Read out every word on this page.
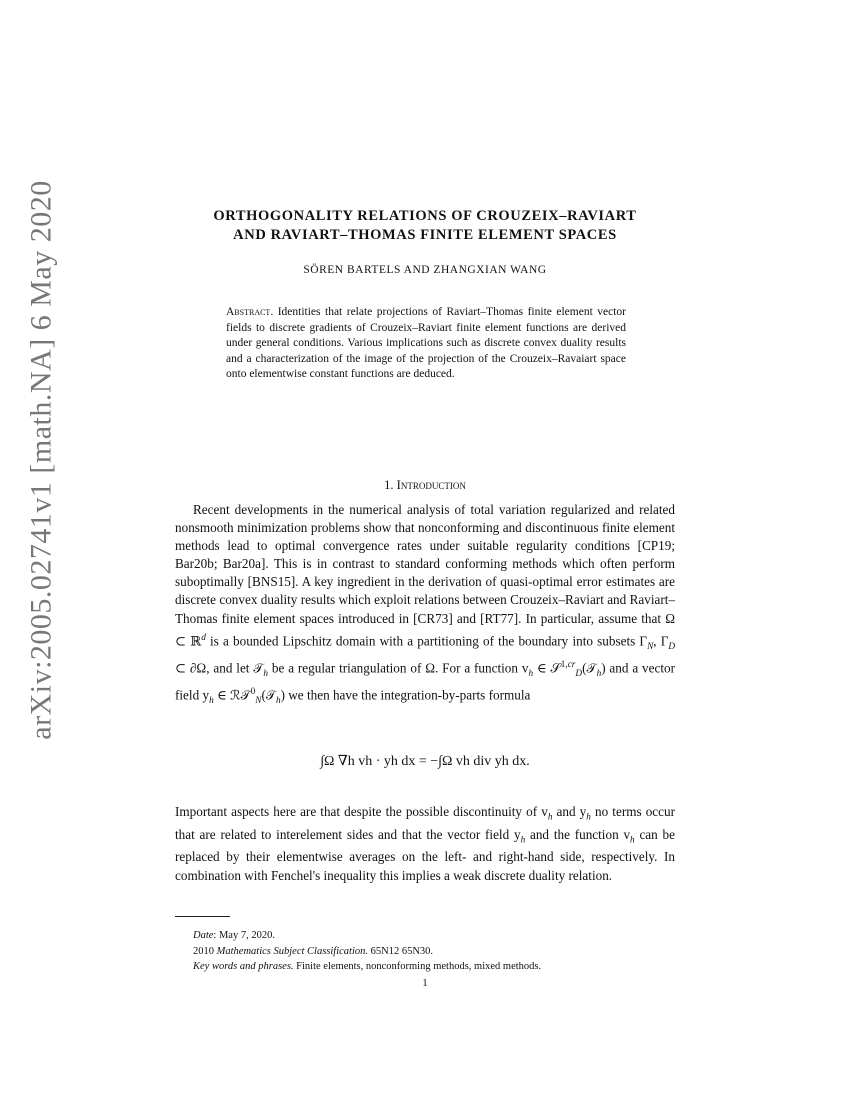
arXiv:2005.02741v1 [math.NA] 6 May 2020	ORTHOGONALITY RELATIONS OF CROUZEIX–RAVIART
AND RAVIART–THOMAS FINITE ELEMENT SPACES
SÖREN BARTELS AND ZHANGXIAN WANG
Abstract. Identities that relate projections of Raviart–Thomas finite element vector fields to discrete gradients of Crouzeix–Raviart finite element functions are derived under general conditions. Various implications such as discrete convex duality results and a characterization of the image of the projection of the Crouzeix–Ravaiart space onto elementwise constant functions are deduced.
1. Introduction
Recent developments in the numerical analysis of total variation regularized and related nonsmooth minimization problems show that nonconforming and discontinuous finite element methods lead to optimal convergence rates under suitable regularity conditions [CP19; Bar20b; Bar20a]. This is in contrast to standard conforming methods which often perform suboptimally [BNS15]. A key ingredient in the derivation of quasi-optimal error estimates are discrete convex duality results which exploit relations between Crouzeix–Raviart and Raviart–Thomas finite element spaces introduced in [CR73] and [RT77]. In particular, assume that Ω ⊂ ℝ$^d$ is a bounded Lipschitz domain with a partitioning of the boundary into subsets $\Gamma_N$, $\Gamma_D$ ⊂ ∂Ω, and let 𝒯$_h$ be a regular triangulation of Ω. For a function $v_h$ ∈ 𝒮$^{1,cr}_D$(𝒯$_h$) and a vector field $y_h$ ∈ ℛ𝒯$^0_N$(𝒯$_h$) we then have the integration-by-parts formula
∫Ω ∇h vh · yh dx = −∫Ω vh div yh dx.
Important aspects here are that despite the possible discontinuity of $v_h$ and $y_h$ no terms occur that are related to interelement sides and that the vector field $y_h$ and the function $v_h$ can be replaced by their elementwise averages on the left- and right-hand side, respectively. In combination with Fenchel's inequality this implies a weak discrete duality relation.
Date: May 7, 2020.
2010 Mathematics Subject Classification. 65N12 65N30.
Key words and phrases. Finite elements, nonconforming methods, mixed methods.
1
